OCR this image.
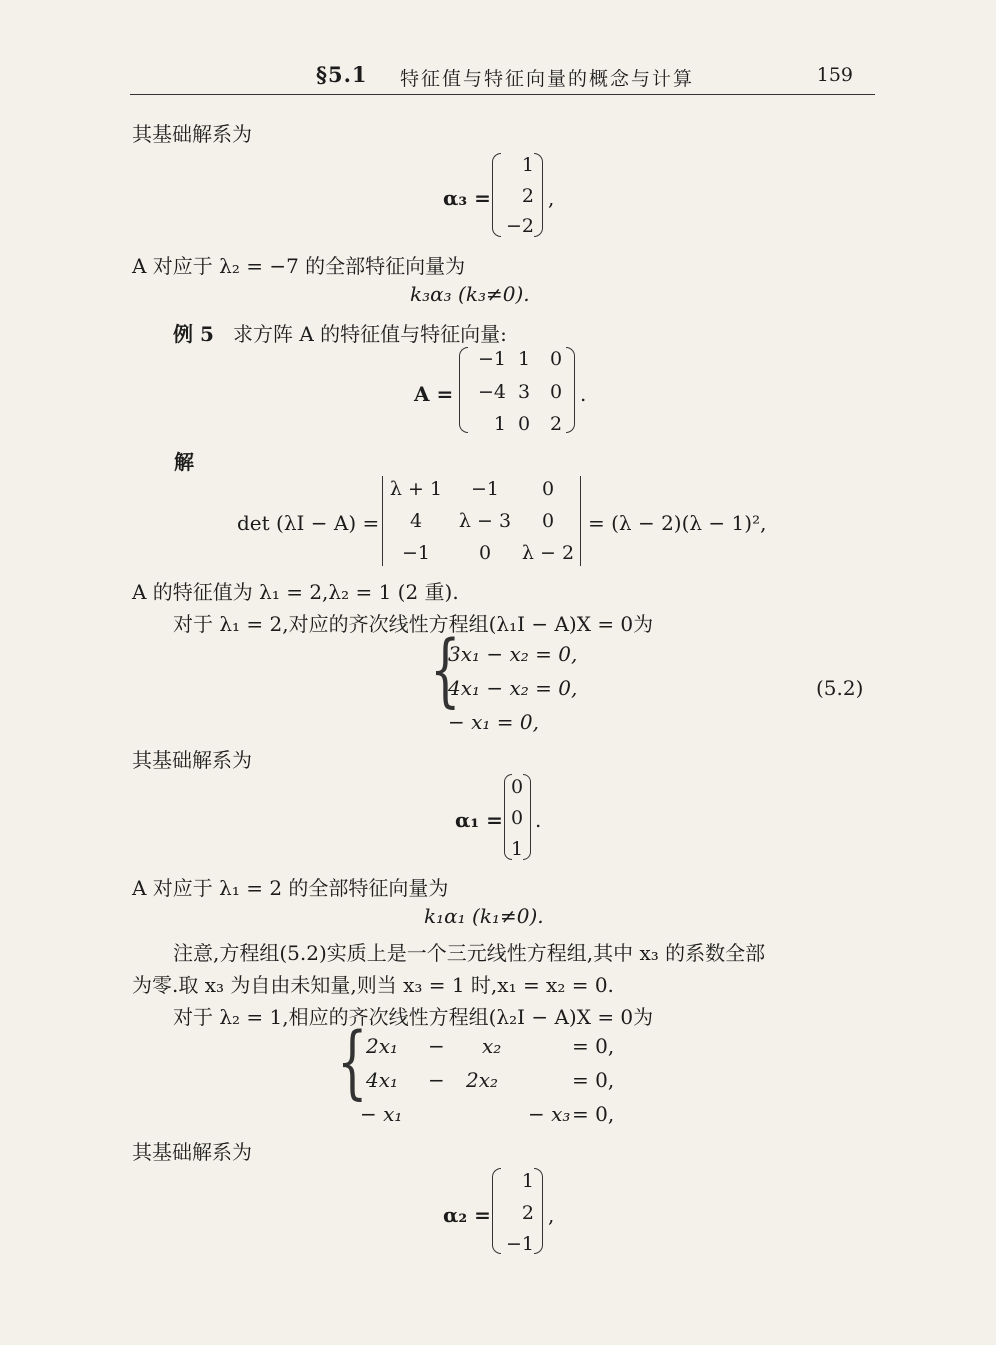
§5.1 特征值与特征向量的概念与计算	159
其基础解系为
α₃ =
1
2
−2
,
A 对应于 λ₂ = −7 的全部特征向量为
k₃α₃ (k₃≠0).
例 5 求方阵 A 的特征值与特征向量:
A =
−1 1 0
−4 3 0
1 0 2
.
解
det (λI − A) =
λ + 1	−1	0
4	λ − 3	0
−1	0	λ − 2
= (λ − 2)(λ − 1)²,
A 的特征值为 λ₁ = 2,λ₂ = 1 (2 重).
对于 λ₁ = 2,对应的齐次线性方程组(λ₁I − A)X = 0为
{
3x₁ − x₂ = 0,
4x₁ − x₂ = 0,
− x₁ = 0,
(5.2)
其基础解系为
α₁ =
0
0
1
.
A 对应于 λ₁ = 2 的全部特征向量为
k₁α₁ (k₁≠0).
注意,方程组(5.2)实质上是一个三元线性方程组,其中 x₃ 的系数全部
为零.取 x₃ 为自由未知量,则当 x₃ = 1 时,x₁ = x₂ = 0.
对于 λ₂ = 1,相应的齐次线性方程组(λ₂I − A)X = 0为
{
2x₁ − x₂	= 0,
4x₁ − 2x₂	= 0,
− x₁	− x₃ = 0,
其基础解系为
α₂ =
1
2
−1
,
